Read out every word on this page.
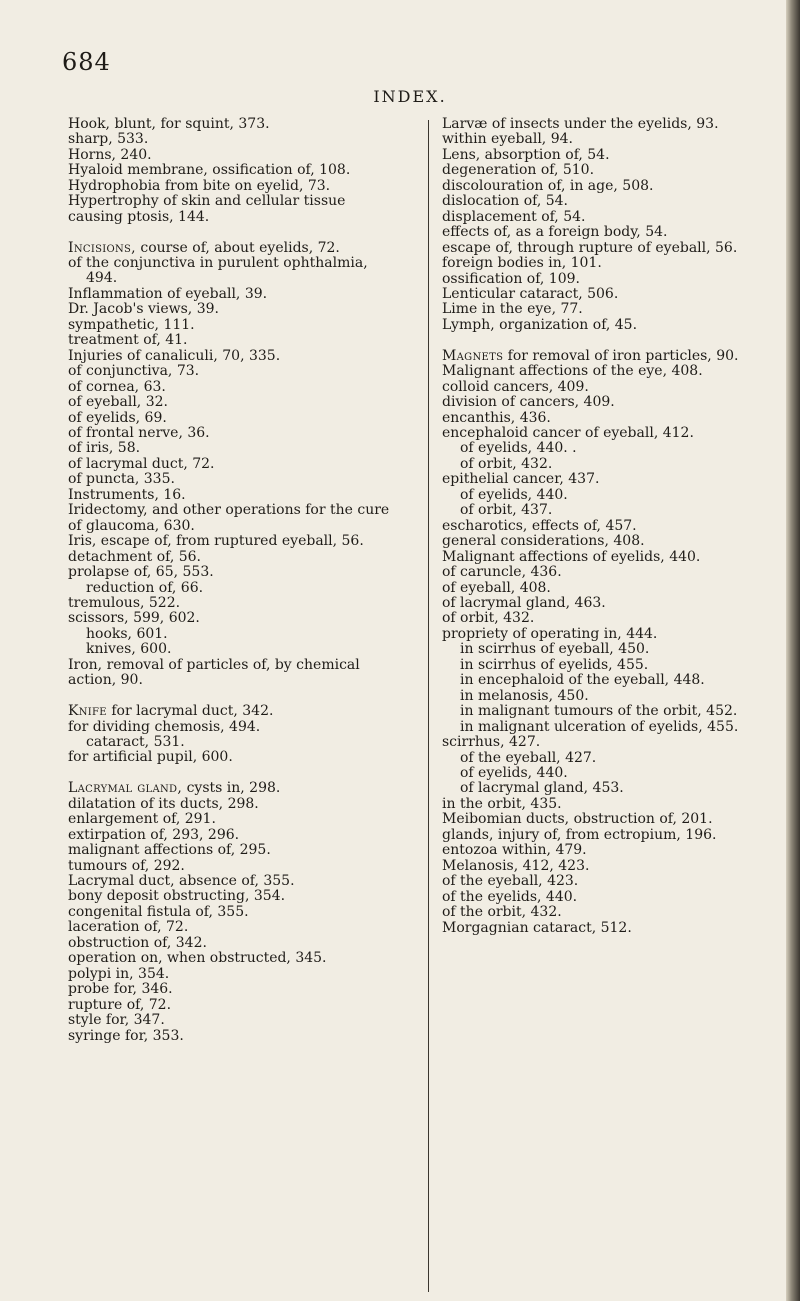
684
INDEX.

Hook, blunt, for squint, 373.

sharp, 533.

Horns, 240.

Hyaloid membrane, ossification of, 108.

Hydrophobia from bite on eyelid, 73.

Hypertrophy of skin and cellular tissue causing ptosis, 144.

Incisions, course of, about eyelids, 72.

of the conjunctiva in purulent ophthalmia, 494.

Inflammation of eyeball, 39.

Dr. Jacob's views, 39.

sympathetic, 111.

treatment of, 41.

Injuries of canaliculi, 70, 335.

of conjunctiva, 73.

of cornea, 63.

of eyeball, 32.

of eyelids, 69.

of frontal nerve, 36.

of iris, 58.

of lacrymal duct, 72.

of puncta, 335.

Instruments, 16.

Iridectomy, and other operations for the cure of glaucoma, 630.

Iris, escape of, from ruptured eyeball, 56.

detachment of, 56.

prolapse of, 65, 553.

reduction of, 66.

tremulous, 522.

scissors, 599, 602.

hooks, 601.

knives, 600.

Iron, removal of particles of, by chemical action, 90.

Knife for lacrymal duct, 342.

for dividing chemosis, 494.

cataract, 531.

for artificial pupil, 600.

Lacrymal gland, cysts in, 298.

dilatation of its ducts, 298.

enlargement of, 291.

extirpation of, 293, 296.

malignant affections of, 295.

tumours of, 292.

Lacrymal duct, absence of, 355.

bony deposit obstructing, 354.

congenital fistula of, 355.

laceration of, 72.

obstruction of, 342.

operation on, when obstructed, 345.

polypi in, 354.

probe for, 346.

rupture of, 72.

style for, 347.

syringe for, 353.

Larvæ of insects under the eyelids, 93.

within eyeball, 94.

Lens, absorption of, 54.

degeneration of, 510.

discolouration of, in age, 508.

dislocation of, 54.

displacement of, 54.

effects of, as a foreign body, 54.

escape of, through rupture of eyeball, 56.

foreign bodies in, 101.

ossification of, 109.

Lenticular cataract, 506.

Lime in the eye, 77.

Lymph, organization of, 45.

Magnets for removal of iron particles, 90.

Malignant affections of the eye, 408.

colloid cancers, 409.

division of cancers, 409.

encanthis, 436.

encephaloid cancer of eyeball, 412.

of eyelids, 440. .

of orbit, 432.

epithelial cancer, 437.

of eyelids, 440.

of orbit, 437.

escharotics, effects of, 457.

general considerations, 408.

Malignant affections of eyelids, 440.

of caruncle, 436.

of eyeball, 408.

of lacrymal gland, 463.

of orbit, 432.

propriety of operating in, 444.

in scirrhus of eyeball, 450.

in scirrhus of eyelids, 455.

in encephaloid of the eyeball, 448.

in melanosis, 450.

in malignant tumours of the orbit, 452.

in malignant ulceration of eyelids, 455.

scirrhus, 427.

of the eyeball, 427.

of eyelids, 440.

of lacrymal gland, 453.

in the orbit, 435.

Meibomian ducts, obstruction of, 201.

glands, injury of, from ectropium, 196.

entozoa within, 479.

Melanosis, 412, 423.

of the eyeball, 423.

of the eyelids, 440.

of the orbit, 432.

Morgagnian cataract, 512.
